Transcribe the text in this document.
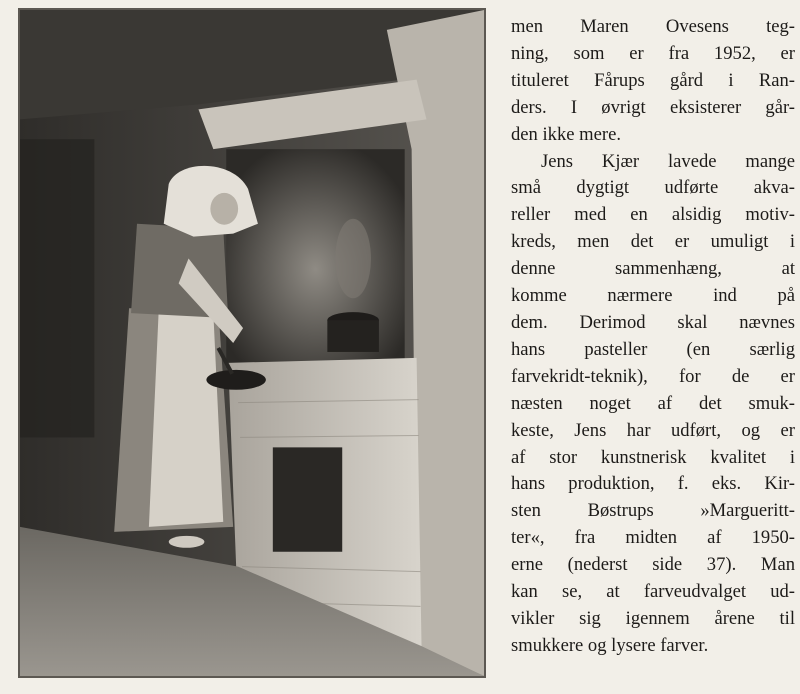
men Maren Ovesens teg-
ning, som er fra 1952, er
tituleret Fårups gård i Ran-
ders. I øvrigt eksisterer går-
den ikke mere.

Jens Kjær lavede mange
små dygtigt udførte akva-
reller med en alsidig motiv-
kreds, men det er umuligt i
denne sammenhæng, at
komme nærmere ind på
dem. Derimod skal nævnes
hans pasteller (en særlig
farvekridt-teknik), for de er
næsten noget af det smuk-
keste, Jens har udført, og er
af stor kunstnerisk kvalitet i
hans produktion, f. eks. Kir-
sten Bøstrups »Margueritt-
ter«, fra midten af 1950-
erne (nederst side 37). Man
kan se, at farveudvalget ud-
vikler sig igennem årene til
smukkere og lysere farver.
